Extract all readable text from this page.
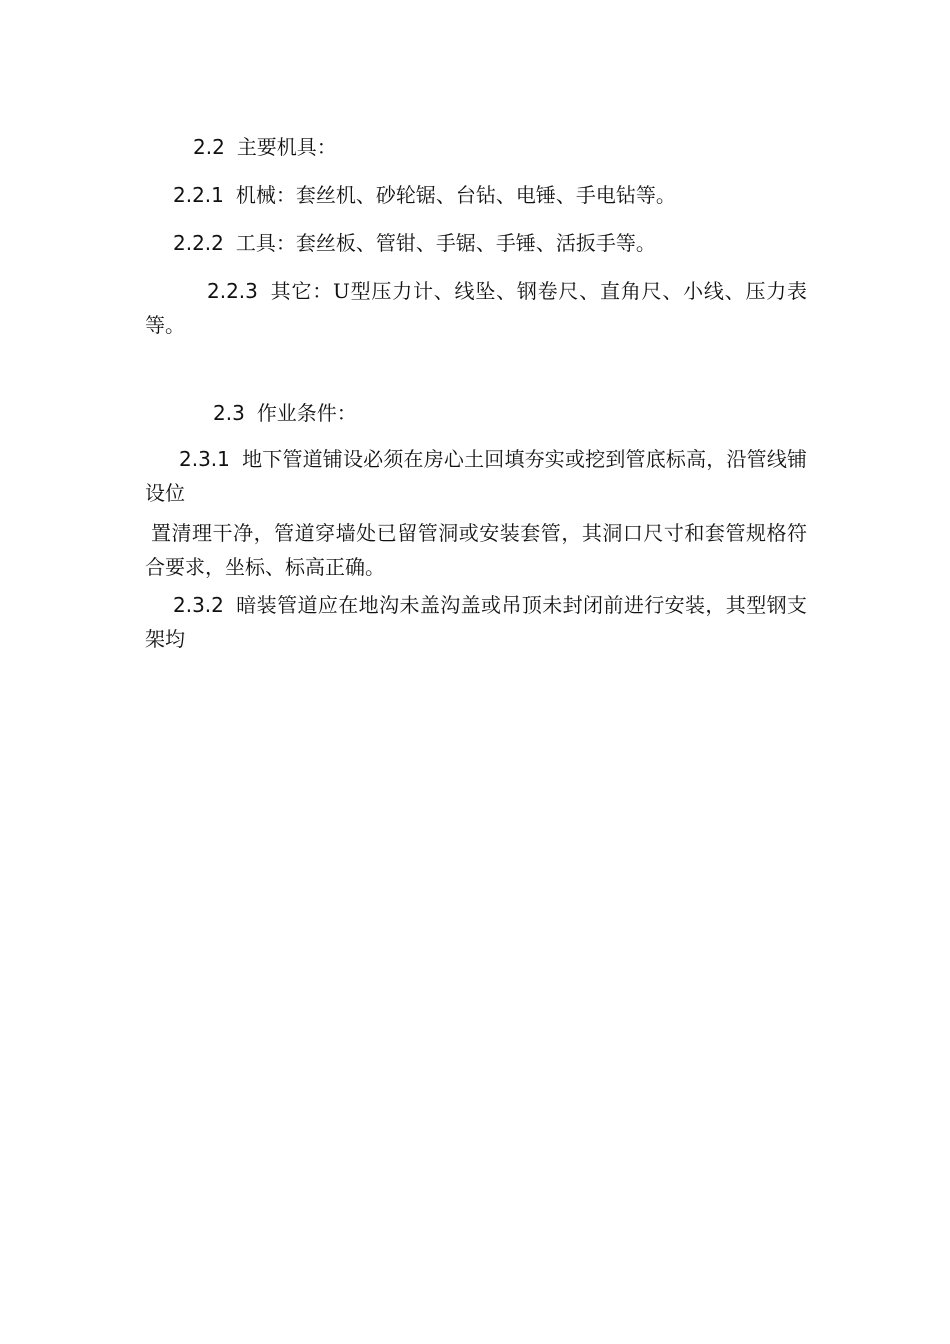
2.2 主要机具：

2.2.1 机械：套丝机、砂轮锯、台钻、电锤、手电钻等。

2.2.2 工具：套丝板、管钳、手锯、手锤、活扳手等。

2.2.3 其它：U型压力计、线坠、钢卷尺、直角尺、小线、压力表等。

2.3 作业条件：

2.3.1 地下管道铺设必须在房心土回填夯实或挖到管底标高，沿管线铺设位

置清理干净，管道穿墙处已留管洞或安装套管，其洞口尺寸和套管规格符合要求，坐标、标高正确。

2.3.2 暗装管道应在地沟未盖沟盖或吊顶未封闭前进行安装，其型钢支架均
